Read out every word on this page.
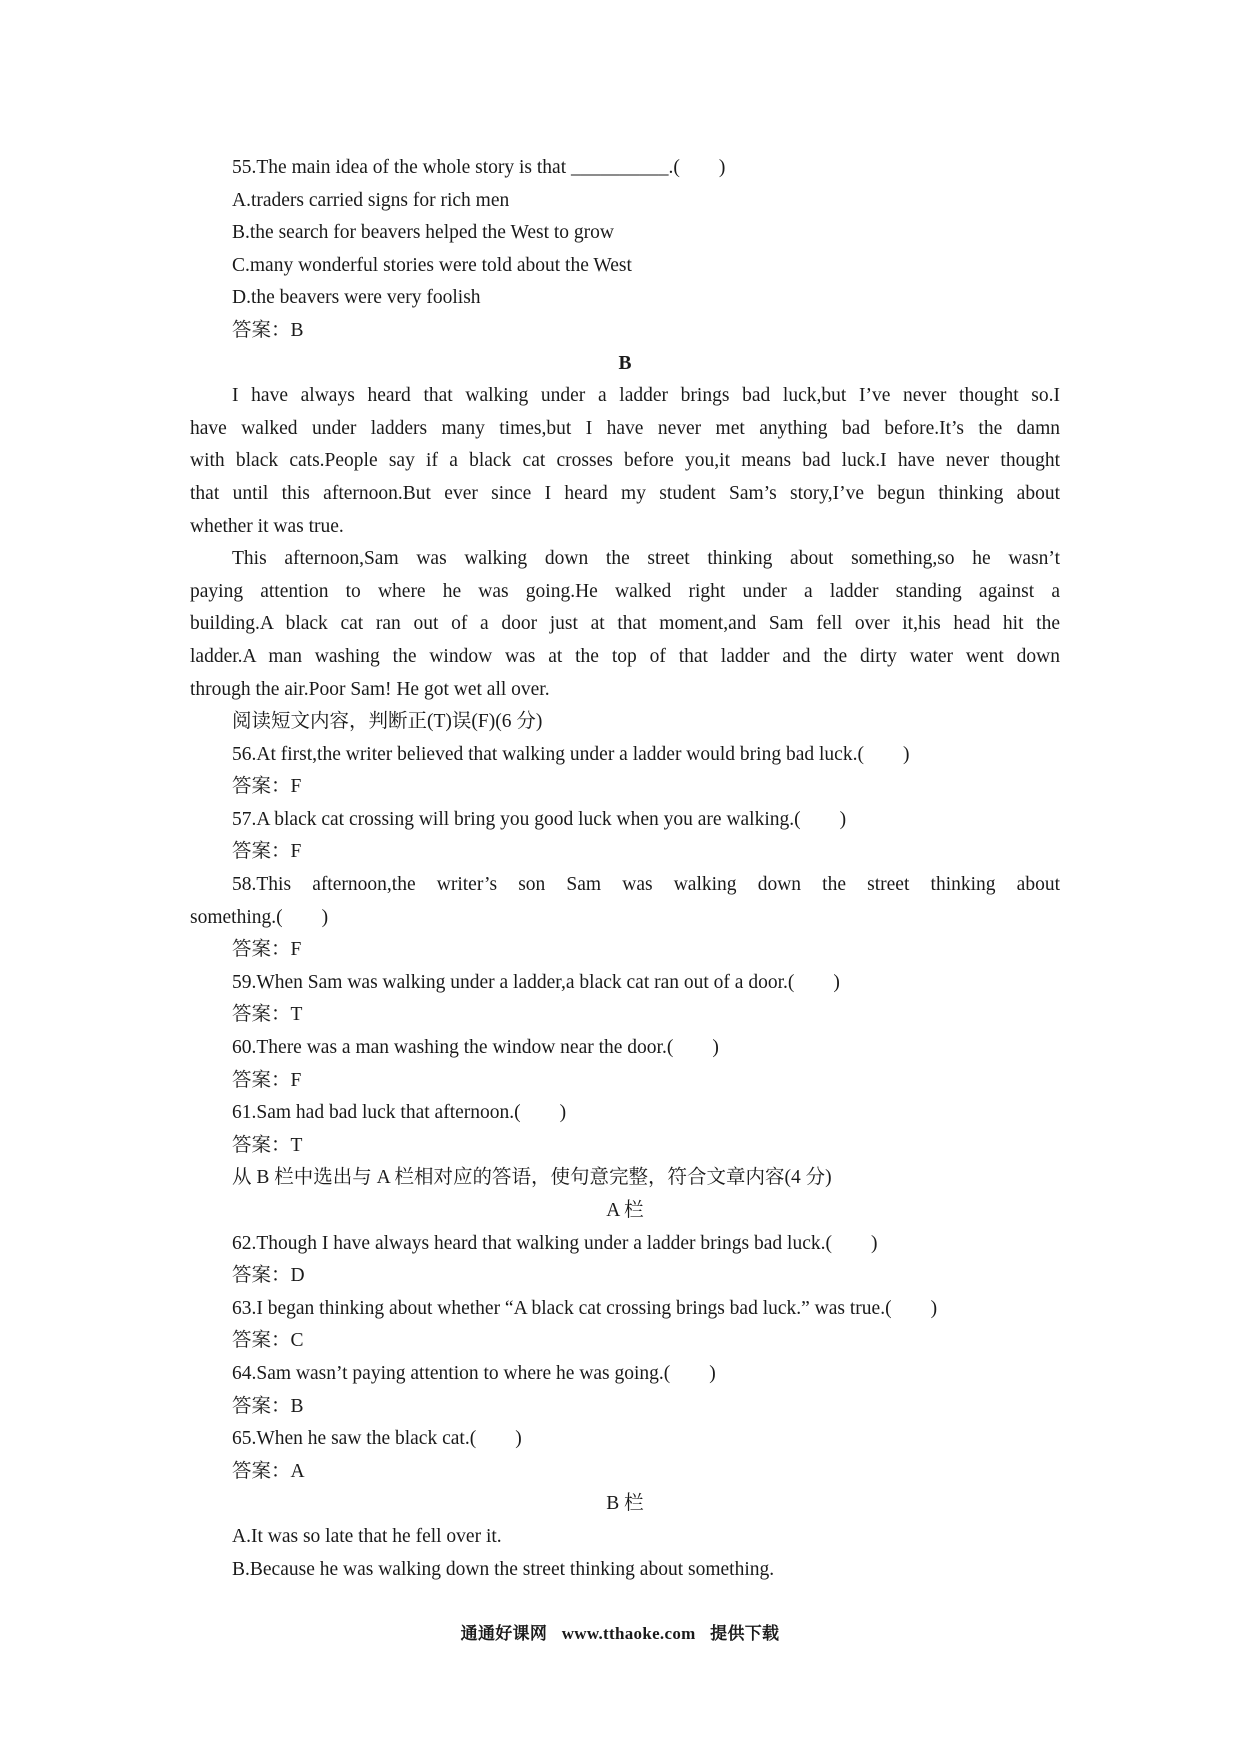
55.The main idea of the whole story is that __________.(　　)
A.traders carried signs for rich men
B.the search for beavers helped the West to grow
C.many wonderful stories were told about the West
D.the beavers were very foolish
答案：B
B
I have always heard that walking under a ladder brings bad luck,but I’ve never thought so.I
have walked under ladders many times,but I have never met anything bad before.It’s the damn
with black cats.People say if a black cat crosses before you,it means bad luck.I have never thought
that until this afternoon.But ever since I heard my student Sam’s story,I’ve begun thinking about
whether it was true.
This afternoon,Sam was walking down the street thinking about something,so he wasn’t
paying attention to where he was going.He walked right under a ladder standing against a
building.A black cat ran out of a door just at that moment,and Sam fell over it,his head hit the
ladder.A man washing the window was at the top of that ladder and the dirty water went down
through the air.Poor Sam! He got wet all over.
阅读短文内容，判断正(T)误(F)(6 分)
56.At first,the writer believed that walking under a ladder would bring bad luck.(　　)
答案：F
57.A black cat crossing will bring you good luck when you are walking.(　　)
答案：F
58.This afternoon,the writer’s son Sam was walking down the street thinking about
something.(　　)
答案：F
59.When Sam was walking under a ladder,a black cat ran out of a door.(　　)
答案：T
60.There was a man washing the window near the door.(　　)
答案：F
61.Sam had bad luck that afternoon.(　　)
答案：T
从 B 栏中选出与 A 栏相对应的答语，使句意完整，符合文章内容(4 分)
A 栏
62.Though I have always heard that walking under a ladder brings bad luck.(　　)
答案：D
63.I began thinking about whether “A black cat crossing brings bad luck.” was true.(　　)
答案：C
64.Sam wasn’t paying attention to where he was going.(　　)
答案：B
65.When he saw the black cat.(　　)
答案：A
B 栏
A.It was so late that he fell over it.
B.Because he was walking down the street thinking about something.
通通好课网 www.tthaoke.com 提供下载
